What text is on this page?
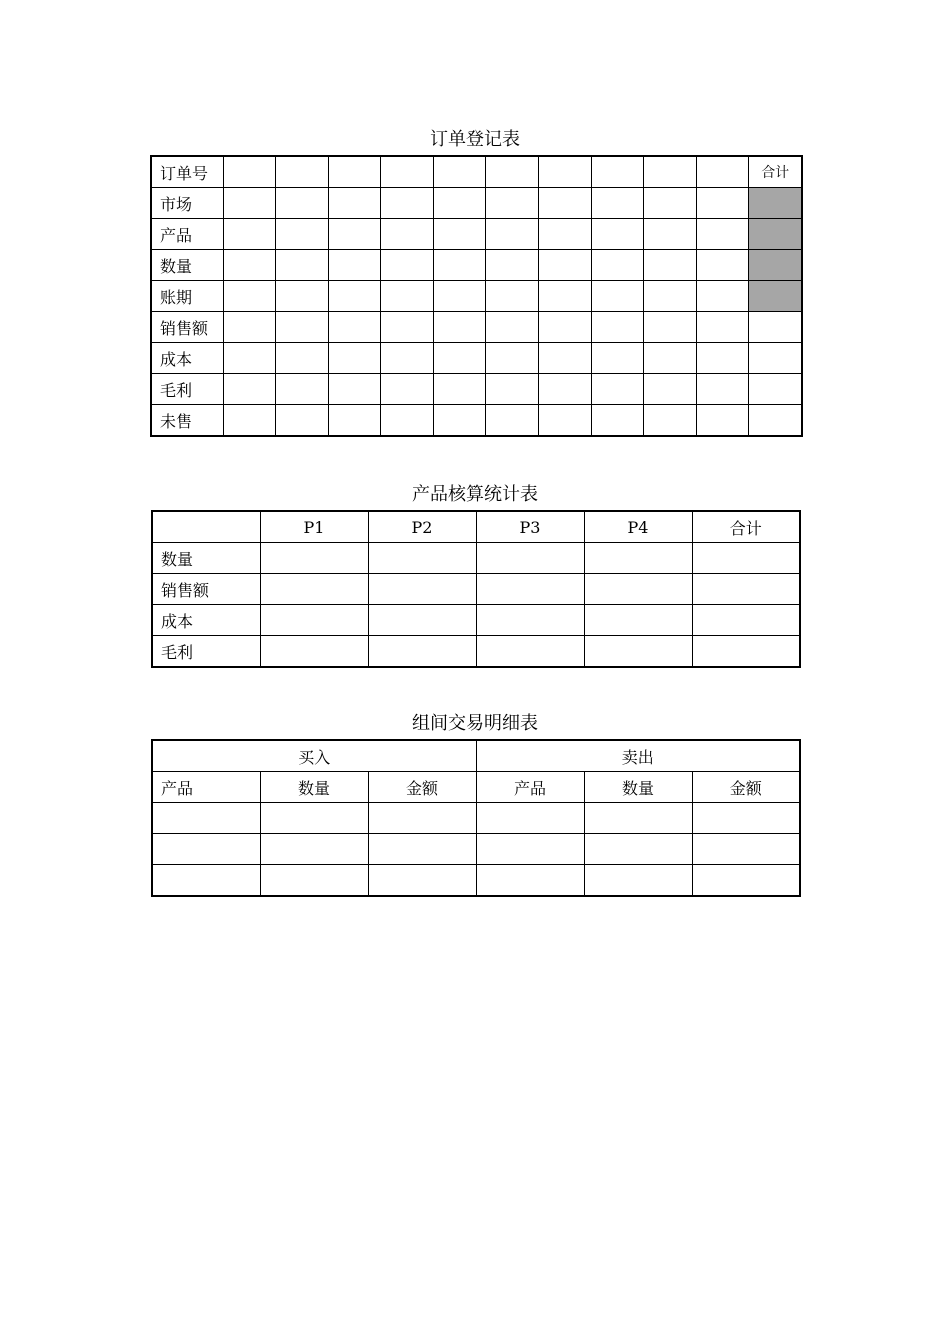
订单登记表
订单号											合计
市场											
产品											
数量											
账期											
销售额											
成本											
毛利											
未售											
产品核算统计表
	P1	P2	P3	P4	合计
数量					
销售额					
成本					
毛利					
组间交易明细表
买入			卖出		
产品	数量	金额	产品	数量	金额
